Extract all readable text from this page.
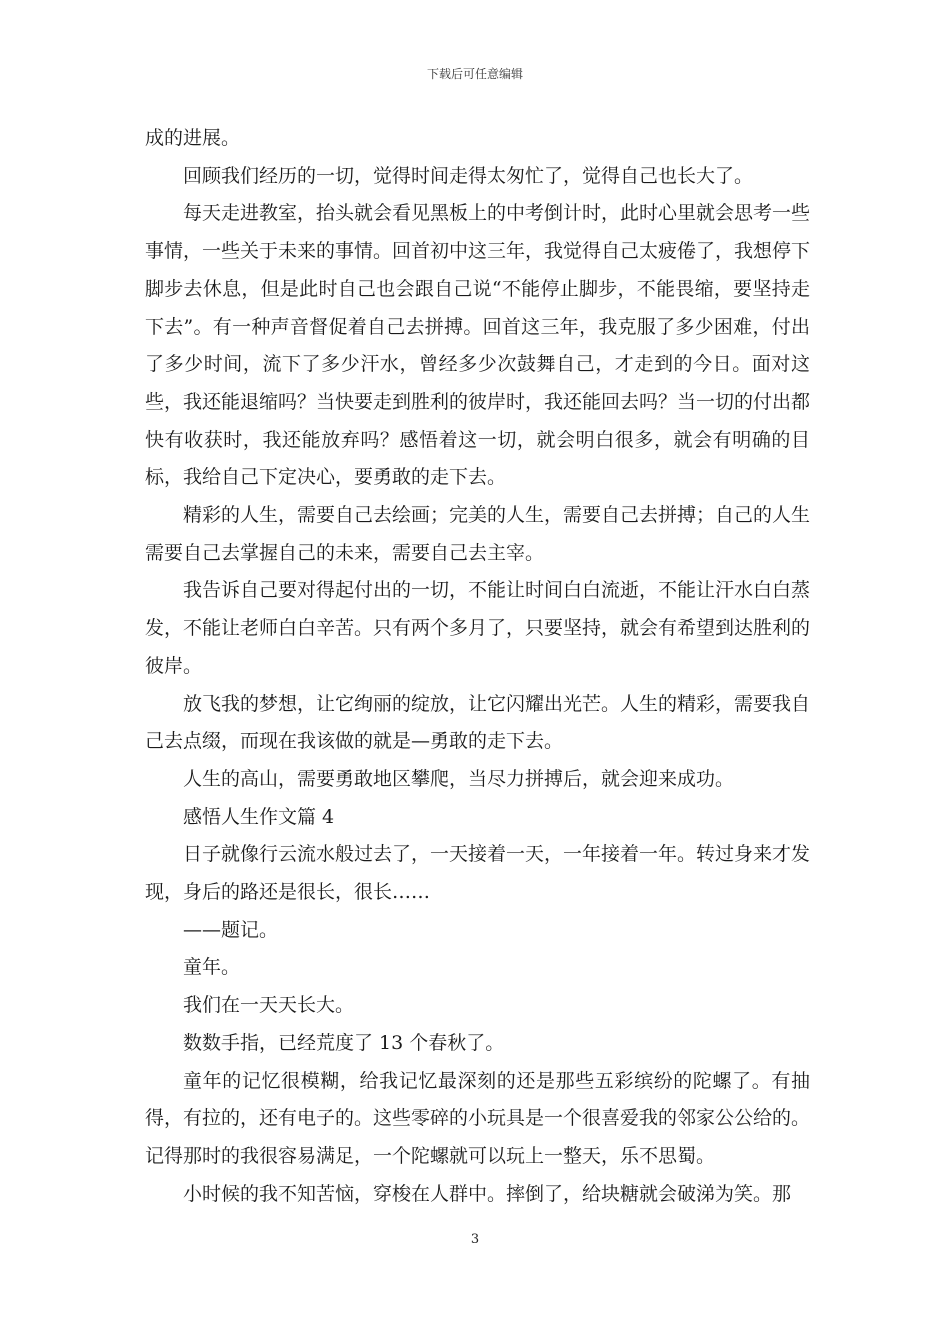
下载后可任意编辑

成的进展。

回顾我们经历的一切，觉得时间走得太匆忙了，觉得自己也长大了。

每天走进教室，抬头就会看见黑板上的中考倒计时，此时心里就会思考一些事情，一些关于未来的事情。回首初中这三年，我觉得自己太疲倦了，我想停下脚步去休息，但是此时自己也会跟自己说“不能停止脚步，不能畏缩，要坚持走下去”。有一种声音督促着自己去拼搏。回首这三年，我克服了多少困难，付出了多少时间，流下了多少汗水，曾经多少次鼓舞自己，才走到的今日。面对这些，我还能退缩吗？当快要走到胜利的彼岸时，我还能回去吗？当一切的付出都快有收获时，我还能放弃吗？感悟着这一切，就会明白很多，就会有明确的目标，我给自己下定决心，要勇敢的走下去。

精彩的人生，需要自己去绘画；完美的人生，需要自己去拼搏；自己的人生需要自己去掌握自己的未来，需要自己去主宰。

我告诉自己要对得起付出的一切，不能让时间白白流逝，不能让汗水白白蒸发，不能让老师白白辛苦。只有两个多月了，只要坚持，就会有希望到达胜利的彼岸。

放飞我的梦想，让它绚丽的绽放，让它闪耀出光芒。人生的精彩，需要我自己去点缀，而现在我该做的就是—勇敢的走下去。

人生的高山，需要勇敢地区攀爬，当尽力拼搏后，就会迎来成功。

感悟人生作文篇 4

日子就像行云流水般过去了，一天接着一天，一年接着一年。转过身来才发现，身后的路还是很长，很长……

——题记。

童年。

我们在一天天长大。

数数手指，已经荒度了 13 个春秋了。

童年的记忆很模糊，给我记忆最深刻的还是那些五彩缤纷的陀螺了。有抽得，有拉的，还有电子的。这些零碎的小玩具是一个很喜爱我的邻家公公给的。记得那时的我很容易满足，一个陀螺就可以玩上一整天，乐不思蜀。

小时候的我不知苦恼，穿梭在人群中。摔倒了，给块糖就会破涕为笑。那

3
